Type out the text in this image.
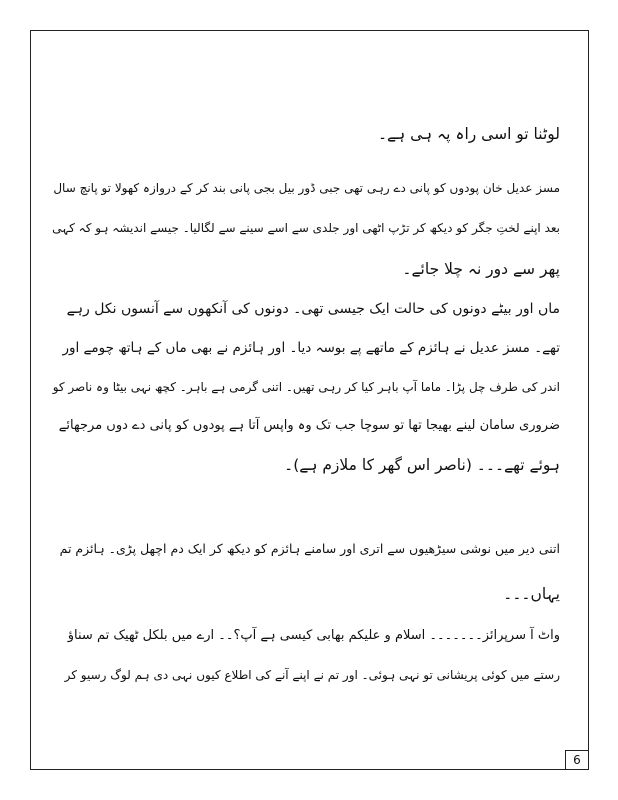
لوٹنا تو اسی راہ پہ ہی ہے۔
مسز عدیل خان پودوں کو پانی دے رہی تھی جبی ڈور بیل بجی پانی بند کر کے دروازہ کھولا تو پانچ سال
بعد اپنے لختِ جگر کو دیکھ کر تڑپ اٹھی اور جلدی سے اسے سینے سے لگالیا۔ جیسے اندیشہ ہو کہ کہی
پھر سے دور نہ چلا جائے۔
ماں اور بیٹے دونوں کی حالت ایک جیسی تھی۔ دونوں کی آنکھوں سے آنسوں نکل رہے
تھے۔ مسز عدیل نے ہائزم کے ماتھے پے بوسہ دیا۔ اور ہائزم نے بھی ماں کے ہاتھ چومے اور
اندر کی طرف چل پڑا۔ ماما آپ باہر کیا کر رہی تھیں۔ اتنی گرمی ہے باہر۔ کچھ نہی بیٹا وہ ناصر کو
ضروری سامان لینے بھیجا تھا تو سوچا جب تک وہ واپس آتا ہے پودوں کو پانی دے دوں مرجھائے
ہوئے تھے۔۔۔ (ناصر اس گھر کا ملازم ہے)۔
اتنی دیر میں نوشی سیڑھیوں سے اتری اور سامنے ہائزم کو دیکھ کر ایک دم اچھل پڑی۔ ہائزم تم
یہاں۔۔۔
واٹ آ سرپرائز۔۔۔۔۔۔۔ اسلام و علیکم بھابی کیسی ہے آپ؟۔۔ ارے میں بلکل ٹھیک تم سناؤ
رستے میں کوئی پریشانی تو نہی ہوئی۔ اور تم نے اپنے آنے کی اطلاع کیوں نہی دی ہم لوگ رسیو کر
6
